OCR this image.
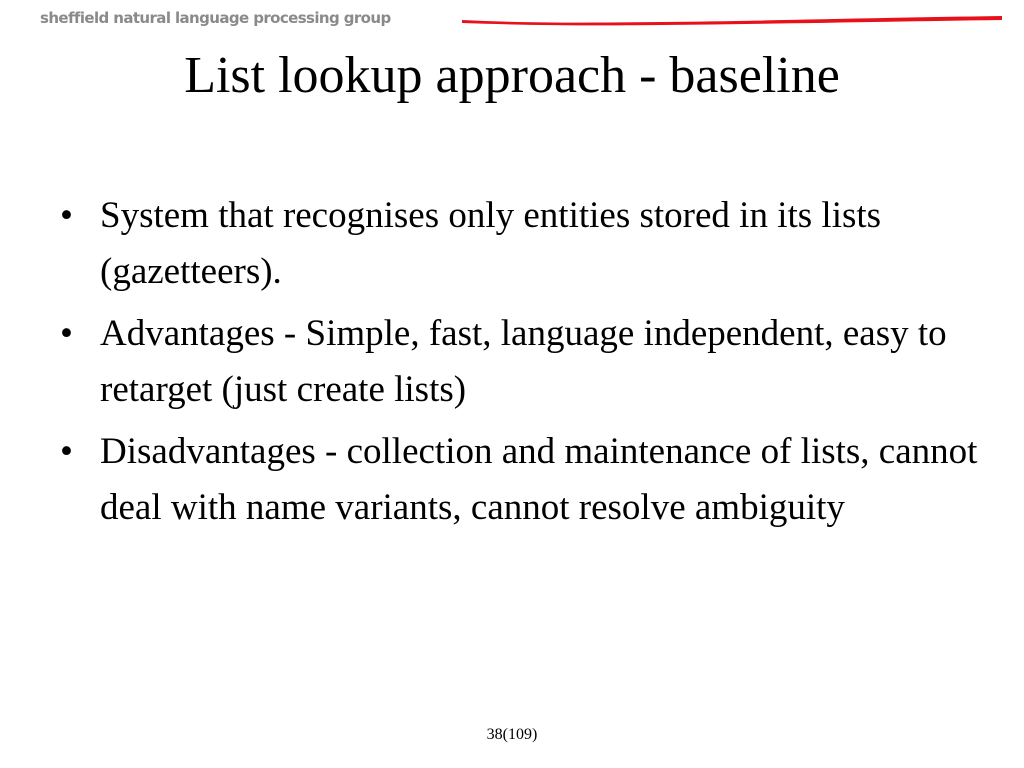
sheffield natural language processing group
List lookup approach - baseline
• System that recognises only entities stored in its lists (gazetteers).
• Advantages - Simple, fast, language independent, easy to retarget (just create lists)
• Disadvantages - collection and maintenance of lists, cannot deal with name variants, cannot resolve ambiguity
38(109)
